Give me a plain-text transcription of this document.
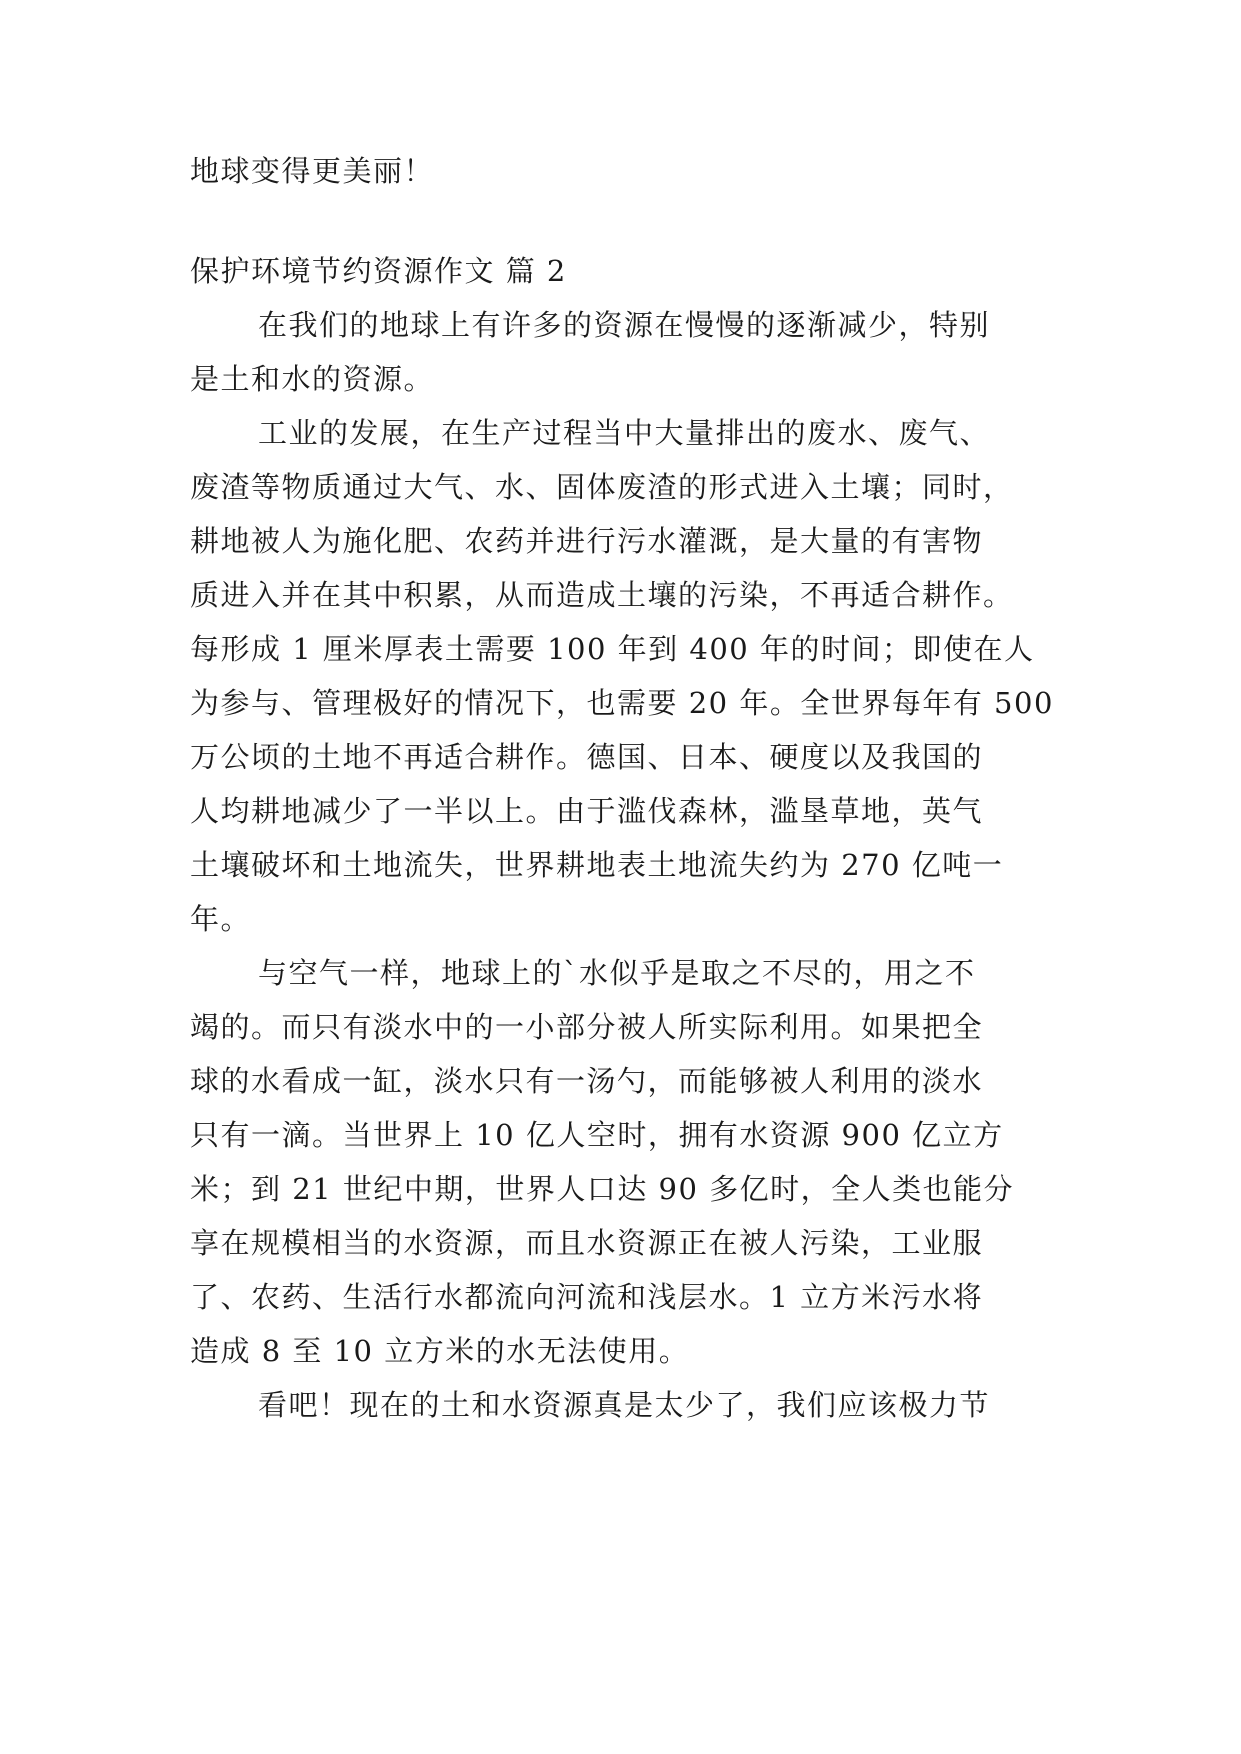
地球变得更美丽！
保护环境节约资源作文 篇 2
在我们的地球上有许多的资源在慢慢的逐渐减少，特别
是土和水的资源。
工业的发展，在生产过程当中大量排出的废水、废气、
废渣等物质通过大气、水、固体废渣的形式进入土壤；同时，
耕地被人为施化肥、农药并进行污水灌溉，是大量的有害物
质进入并在其中积累，从而造成土壤的污染，不再适合耕作。
每形成 1 厘米厚表土需要 100 年到 400 年的时间；即使在人
为参与、管理极好的情况下，也需要 20 年。全世界每年有 500
万公顷的土地不再适合耕作。德国、日本、硬度以及我国的
人均耕地减少了一半以上。由于滥伐森林，滥垦草地，英气
土壤破坏和土地流失，世界耕地表土地流失约为 270 亿吨一
年。
与空气一样，地球上的`水似乎是取之不尽的，用之不
竭的。而只有淡水中的一小部分被人所实际利用。如果把全
球的水看成一缸，淡水只有一汤勺，而能够被人利用的淡水
只有一滴。当世界上 10 亿人空时，拥有水资源 900 亿立方
米；到 21 世纪中期，世界人口达 90 多亿时，全人类也能分
享在规模相当的水资源，而且水资源正在被人污染，工业服
了、农药、生活行水都流向河流和浅层水。1 立方米污水将
造成 8 至 10 立方米的水无法使用。
看吧！现在的土和水资源真是太少了，我们应该极力节
